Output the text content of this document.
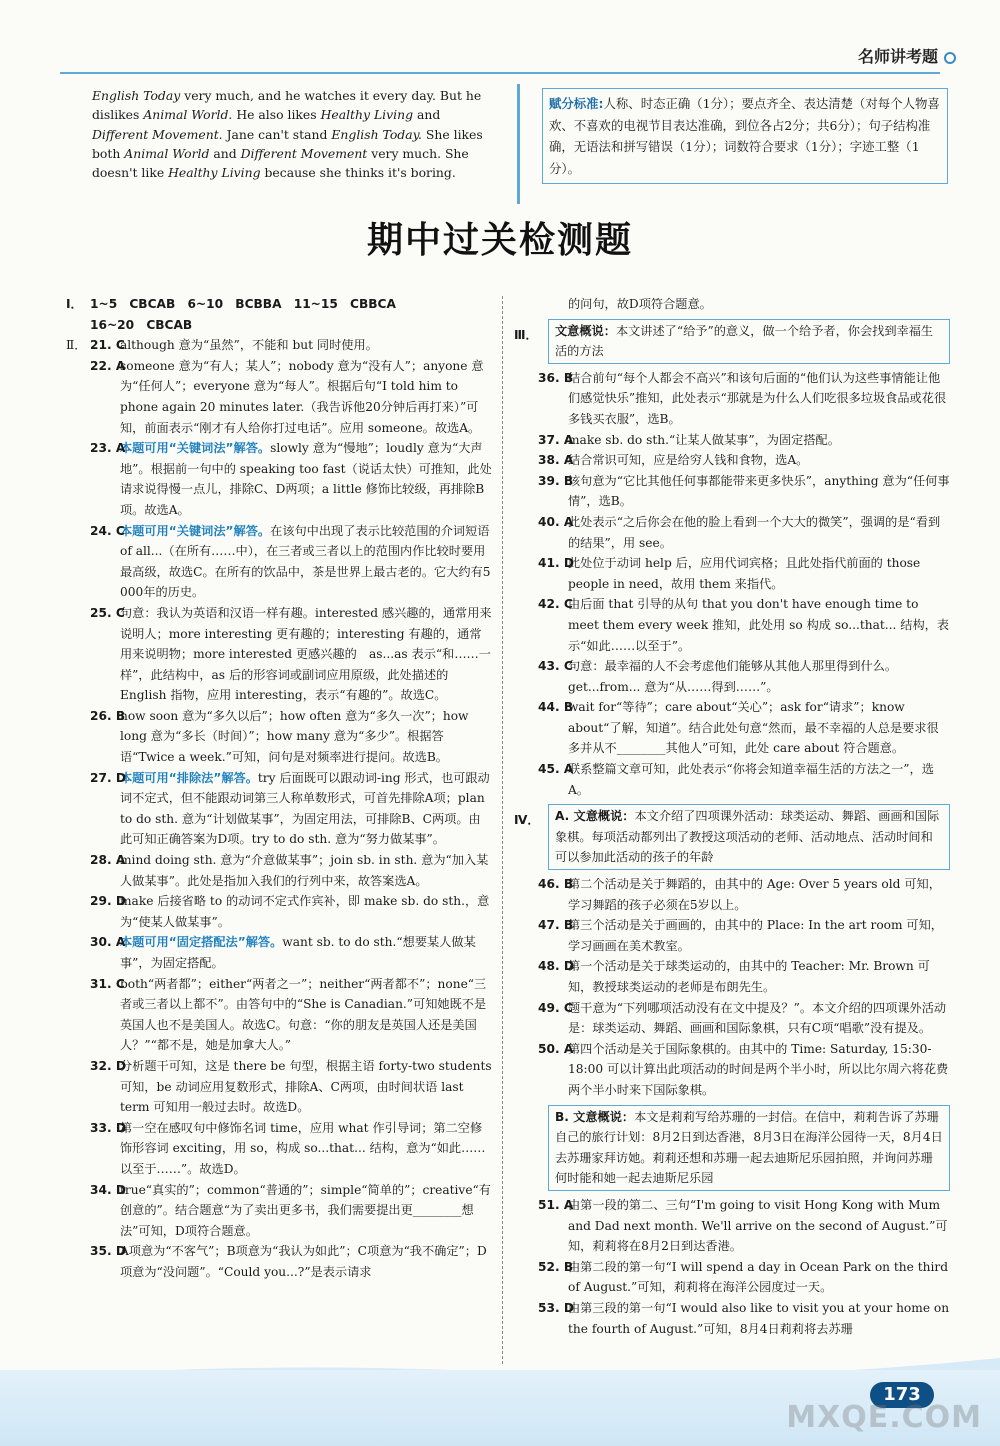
名师讲考题
English Today very much, and he watches it every day. But he dislikes Animal World. He also likes Healthy Living and Different Movement. Jane can't stand English Today. She likes both Animal World and Different Movement very much. She doesn't like Healthy Living because she thinks it's boring.
赋分标准:人称、时态正确（1分）；要点齐全、表达清楚（对每个人物喜欢、不喜欢的电视节目表达准确，到位各占2分；共6分）；句子结构准确，无语法和拼写错误（1分）；词数符合要求（1分）；字迹工整（1分）。
期中过关检测题
Ⅰ． 1~5　CBCAB　6~10　BCBBA　11~15　CBBCA
16~20　CBCAB
Ⅱ． 21. C
although 意为“虽然”，不能和 but 同时使用。
22. A
someone 意为“有人；某人”；nobody 意为“没有人”；anyone 意为“任何人”；everyone 意为“每人”。根据后句“I told him to phone again 20 minutes later.（我告诉他20分钟后再打来）”可知，前面表示“刚才有人给你打过电话”。应用 someone。故选A。
23. A
本题可用“关键词法”解答。slowly 意为“慢地”；loudly 意为“大声地”。根据前一句中的 speaking too fast（说话太快）可推知，此处请求说得慢一点儿，排除C、D两项；a little 修饰比较级，再排除B项。故选A。
24. C
本题可用“关键词法”解答。在该句中出现了表示比较范围的介词短语 of all...（在所有……中），在三者或三者以上的范围内作比较时要用最高级，故选C。在所有的饮品中，茶是世界上最古老的。它大约有5 000年的历史。
25. C
句意：我认为英语和汉语一样有趣。interested 感兴趣的，通常用来说明人；more interesting 更有趣的；interesting 有趣的，通常用来说明物；more interested 更感兴趣的　as...as 表示“和……一样”，此结构中，as 后的形容词或副词应用原级，此处描述的 English 指物，应用 interesting，表示“有趣的”。故选C。
26. B
how soon 意为“多久以后”；how often 意为“多久一次”；how long 意为“多长（时间）”；how many 意为“多少”。根据答语“Twice a week.”可知，问句是对频率进行提问。故选B。
27. D
本题可用“排除法”解答。try 后面既可以跟动词-ing 形式，也可跟动词不定式，但不能跟动词第三人称单数形式，可首先排除A项；plan to do sth. 意为“计划做某事”，为固定用法，可排除B、C两项。由此可知正确答案为D项。try to do sth. 意为“努力做某事”。
28. A
mind doing sth. 意为“介意做某事”；join sb. in sth. 意为“加入某人做某事”。此处是指加入我们的行列中来，故答案选A。
29. D
make 后接省略 to 的动词不定式作宾补，即 make sb. do sth.，意为“使某人做某事”。
30. A
本题可用“固定搭配法”解答。want sb. to do sth.“想要某人做某事”，为固定搭配。
31. C
both“两者都”；either“两者之一”；neither“两者都不”；none“三者或三者以上都不”。由答句中的“She is Canadian.”可知她既不是英国人也不是美国人。故选C。句意：“你的朋友是英国人还是美国人？”“都不是，她是加拿大人。”
32. D
分析题干可知，这是 there be 句型，根据主语 forty-two students 可知，be 动词应用复数形式，排除A、C两项，由时间状语 last term 可知用一般过去时。故选D。
33. D
第一空在感叹句中修饰名词 time，应用 what 作引导词；第二空修饰形容词 exciting，用 so，构成 so...that... 结构，意为“如此……以至于……”。故选D。
34. D
true“真实的”；common“普通的”；simple“简单的”；creative“有创意的”。结合题意“为了卖出更多书，我们需要提出更________想法”可知，D项符合题意。
35. D
A项意为“不客气”；B项意为“我认为如此”；C项意为“我不确定”；D项意为“没问题”。“Could you...?”是表示请求
的问句，故D项符合题意。
Ⅲ．	文意概说：本文讲述了“给予”的意义，做一个给予者，你会找到幸福生活的方法
36. B
结合前句“每个人都会不高兴”和该句后面的“他们认为这些事情能让他们感觉快乐”推知，此处表示“那就是为什么人们吃很多垃圾食品或花很多钱买衣服”，选B。
37. A
make sb. do sth.“让某人做某事”，为固定搭配。
38. A
结合常识可知，应是给穷人钱和食物，选A。
39. B
该句意为“它比其他任何事都能带来更多快乐”，anything 意为“任何事情”，选B。
40. A
此处表示“之后你会在他的脸上看到一个大大的微笑”，强调的是“看到的结果”，用 see。
41. D
此处位于动词 help 后，应用代词宾格；且此处指代前面的 those people in need，故用 them 来指代。
42. C
由后面 that 引导的从句 that you don't have enough time to meet them every week 推知，此处用 so 构成 so...that... 结构，表示“如此……以至于”。
43. C
句意：最幸福的人不会考虑他们能够从其他人那里得到什么。get...from... 意为“从……得到……”。
44. B
wait for“等待”；care about“关心”；ask for“请求”；know about“了解，知道”。结合此处句意“然而，最不幸福的人总是要求很多并从不________其他人”可知，此处 care about 符合题意。
45. A
联系整篇文章可知，此处表示“你将会知道幸福生活的方法之一”，选A。
Ⅳ．	A. 文意概说：本文介绍了四项课外活动：球类运动、舞蹈、画画和国际象棋。每项活动都列出了教授这项活动的老师、活动地点、活动时间和可以参加此活动的孩子的年龄
46. B
第二个活动是关于舞蹈的，由其中的 Age: Over 5 years old 可知，学习舞蹈的孩子必须在5岁以上。
47. B
第三个活动是关于画画的，由其中的 Place: In the art room 可知，学习画画在美术教室。
48. D
第一个活动是关于球类运动的，由其中的 Teacher: Mr. Brown 可知，教授球类运动的老师是布朗先生。
49. C
题干意为“下列哪项活动没有在文中提及？”。本文介绍的四项课外活动是：球类运动、舞蹈、画画和国际象棋，只有C项“唱歌”没有提及。
50. A
第四个活动是关于国际象棋的。由其中的 Time: Saturday, 15:30-18:00 可以计算出此项活动的时间是两个半小时，所以比尔周六将花费两个半小时来下国际象棋。
B. 文意概说：本文是莉莉写给苏珊的一封信。在信中，莉莉告诉了苏珊自己的旅行计划：8月2日到达香港，8月3日在海洋公园待一天，8月4日去苏珊家拜访她。莉莉还想和苏珊一起去迪斯尼乐园拍照，并询问苏珊何时能和她一起去迪斯尼乐园
51. A
由第一段的第二、三句“I'm going to visit Hong Kong with Mum and Dad next month. We'll arrive on the second of August.”可知，莉莉将在8月2日到达香港。
52. B
由第二段的第一句“I will spend a day in Ocean Park on the third of August.”可知，莉莉将在海洋公园度过一天。
53. D
由第三段的第一句“I would also like to visit you at your home on the fourth of August.”可知，8月4日莉莉将去苏珊
173
MXQE.COM
